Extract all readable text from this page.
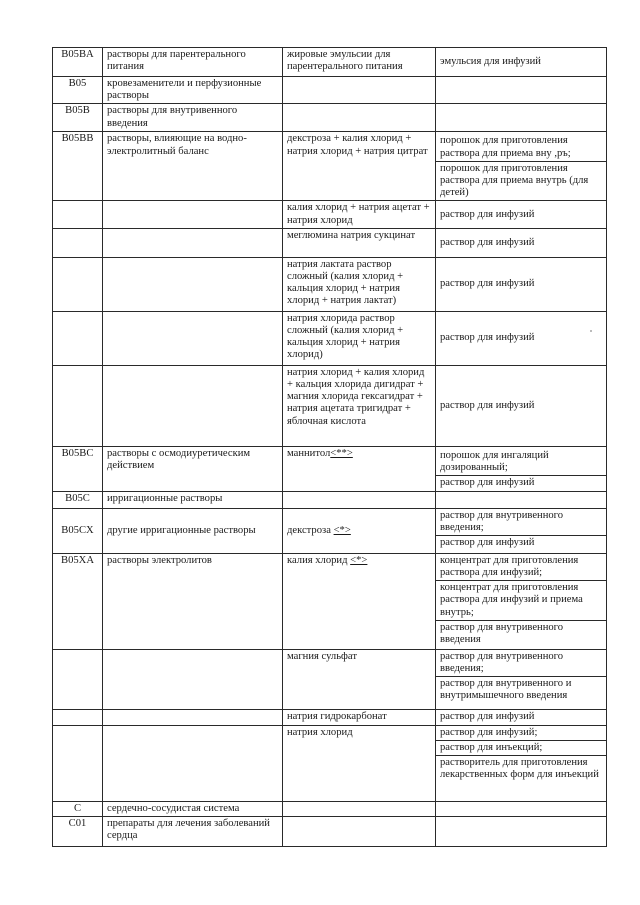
B05BA	растворы для парентерального питания	жировые эмульсии для парентерального питания	эмульсия для инфузий
B05	кровезаменители и перфузионные растворы		
B05B	растворы для внутривенного введения		
B05BB	растворы, влияющие на водно-электролитный баланс	декстроза + калия хлорид + натрия хлорид + натрия цитрат	порошок для приготовления раствора для приема вну ,ръ;
порошок для приготовления раствора для приема внутрь (для детей)

		калия хлорид + натрия ацетат + натрия хлорид	раствор для инфузий
		меглюмина натрия сукцинат	раствор для инфузий
		натрия лактата раствор сложный (калия хлорид + кальция хлорид + натрия хлорид + натрия лактат)	раствор для инфузий
		натрия хлорида раствор сложный (калия хлорид + кальция хлорид + натрия хлорид)	раствор для инфузий
		натрия хлорид + калия хлорид + кальция хлорида дигидрат + магния хлорида гексагидрат + натрия ацетата тригидрат + яблочная кислота	раствор для инфузий
B05BC	растворы с осмодиуретическим действием	маннитол<**>	порошок для ингаляций дозированный;
раствор для инфузий

B05C	ирригационные растворы		
B05CX	другие ирригационные растворы	декстроза <*>	раствор для внутривенного введения;
раствор для инфузий

B05XA	растворы электролитов	калия хлорид <*>	концентрат для приготовления раствора для инфузий;
концентрат для приготовления раствора для инфузий и приема внутрь;
раствор для внутривенного введения

		магния сульфат	раствор для внутривенного введения;
раствор для внутривенного и внутримышечного введения

		натрия гидрокарбонат	раствор для инфузий
		натрия хлорид	раствор для инфузий;
раствор для инъекций;
растворитель для приготовления лекарственных форм для инъекций

C	сердечно-сосудистая система		
C01	препараты для лечения заболеваний сердца		
